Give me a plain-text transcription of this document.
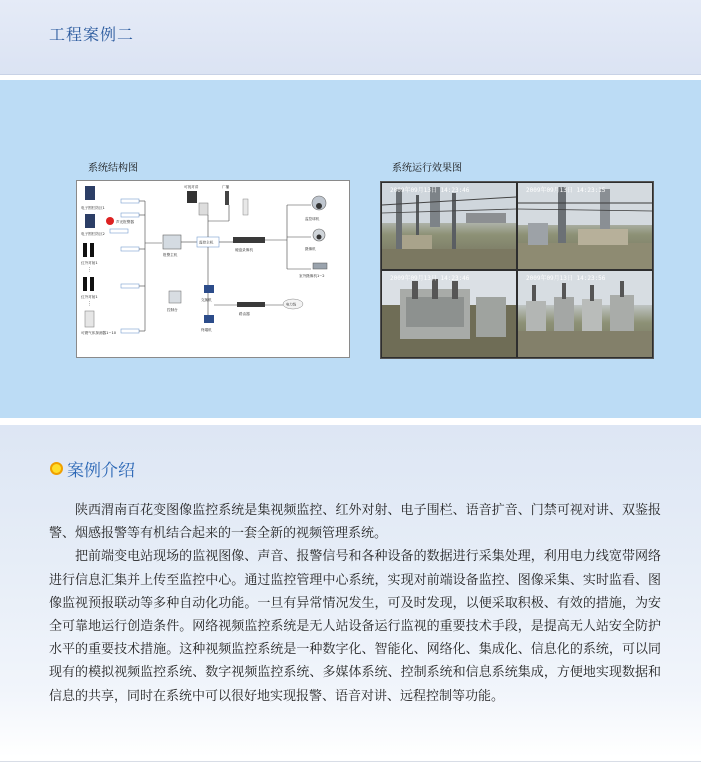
工程案例二
系统结构图	系统运行效果图
电子围栏防区1
电子围栏防区2
声光报警器
红外对射1
⋮
红外对射1
⋮
可燃气体探测器1~10
报警主机
可视对讲	广播
监控主机
硬盘录像机
监控球机
摄像机
室外摄像机1~2
控制台
交换机
路由器
电力线
终端机
2009年09月13日 14:23:46	2009年09月13日 14:23:15
2009年09月13日 14:23:46	2009年09月13日 14:23:56
案例介绍

陕西渭南百花变图像监控系统是集视频监控、红外对射、电子围栏、语音扩音、门禁可视对讲、双鉴报警、烟感报警等有机结合起来的一套全新的视频管理系统。

把前端变电站现场的监视图像、声音、报警信号和各种设备的数据进行采集处理，利用电力线宽带网络进行信息汇集并上传至监控中心。通过监控管理中心系统，实现对前端设备监控、图像采集、实时监看、图像监视预报联动等多种自动化功能。一旦有异常情况发生，可及时发现，以便采取积极、有效的措施，为安全可靠地运行创造条件。网络视频监控系统是无人站设备运行监视的重要技术手段，是提高无人站安全防护水平的重要技术措施。这种视频监控系统是一种数字化、智能化、网络化、集成化、信息化的系统，可以同现有的模拟视频监控系统、数字视频监控系统、多媒体系统、控制系统和信息系统集成，方便地实现数据和信息的共享，同时在系统中可以很好地实现报警、语音对讲、远程控制等功能。
